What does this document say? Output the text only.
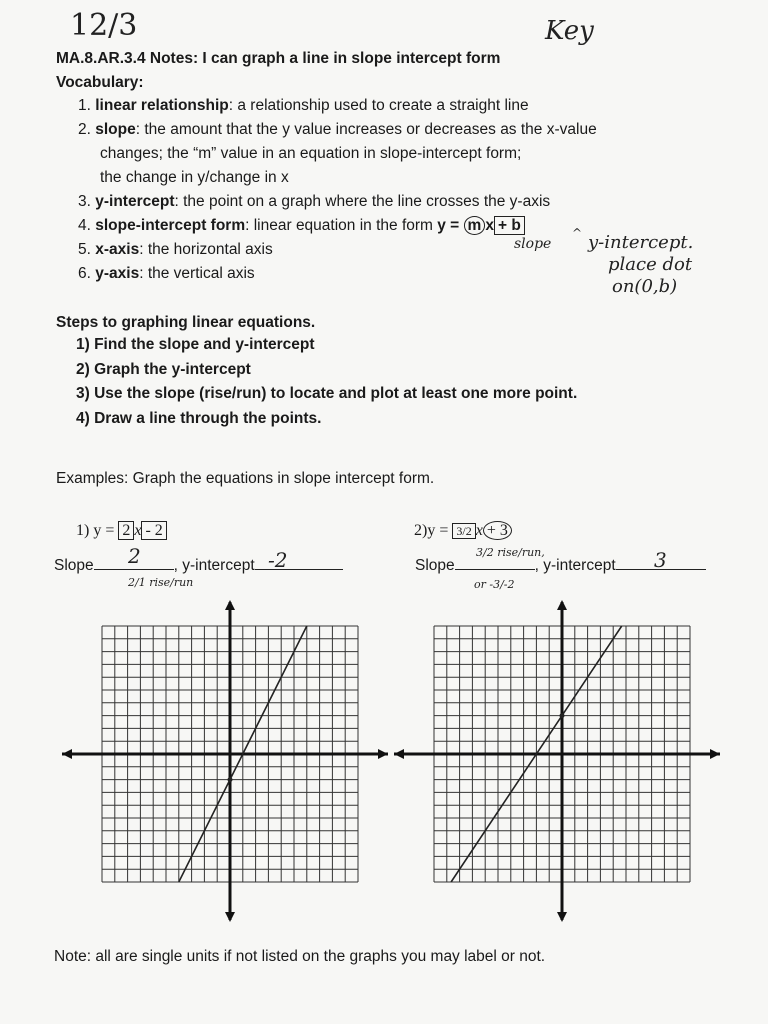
12/3	Key
MA.8.AR.3.4 Notes: I can graph a line in slope intercept form
Vocabulary:
1. linear relationship: a relationship used to create a straight line
2. slope: the amount that the y value increases or decreases as the x-value
changes; the “m” value in an equation in slope-intercept form;
the change in y/change in x
3. y-intercept: the point on a graph where the line crosses the y-axis
4. slope-intercept form: linear equation in the form y = m x + b
5. x-axis: the horizontal axis
6. y-axis: the vertical axis
slope
^ y-intercept.
place dot
on(0,b)
Steps to graphing linear equations.
1) Find the slope and y-intercept
2) Graph the y-intercept
3) Use the slope (rise/run) to locate and plot at least one more point.
4) Draw a line through the points.
Examples: Graph the equations in slope intercept form.
1) y = 2 x - 2
Slope	, y-intercept
2	-2
2/1 rise/run
2)y = 3/2 x + 3
Slope	, y-intercept
3/2 rise/run,
or -3/-2
3
Note: all are single units if not listed on the graphs you may label or not.
